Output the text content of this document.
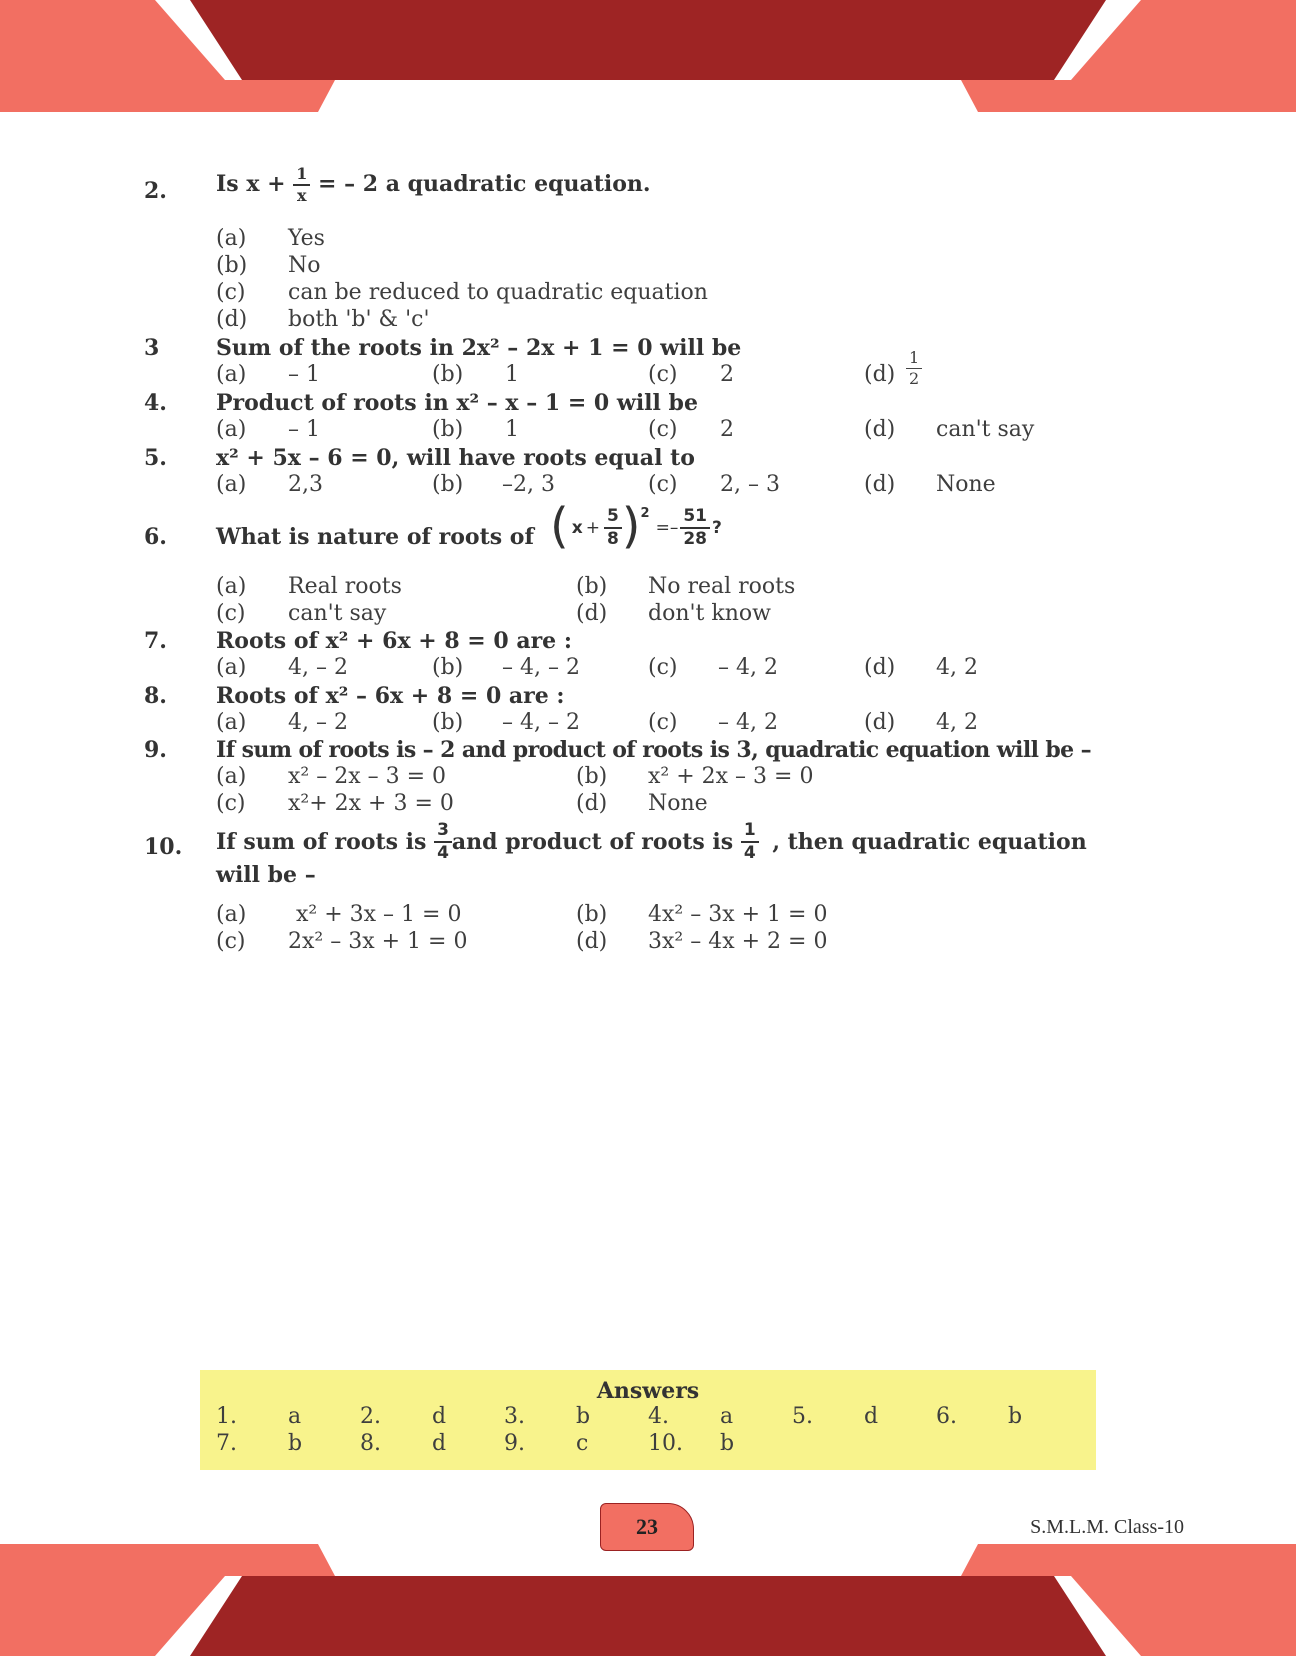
2. Is $x + \frac{1}{x}$ = – 2 a quadratic equation.
(a) Yes
(b) No
(c) can be reduced to quadratic equation
(d) both 'b' & 'c'
3	Sum of the roots in 2x² – 2x + 1 = 0 will be
(a) – 1	(b) 1	(c) 2	$(d) \frac{1}{2}$
4. Product of roots in x² – x – 1 = 0 will be
(a) – 1	(b) 1	(c) 2	(d) can't say
5. x² + 5x – 6 = 0, will have roots equal to
(a) 2,3	(b) –2, 3	(c) 2, – 3	(d) None
6. What is nature of roots of ( $x + \frac{5}{8}$ ) 2
=– $\frac{51}{28}$ ?
(a) Real roots	(b) No real roots
(c) can't say	(d) don't know
7. Roots of x² + 6x + 8 = 0 are :
(a) 4, – 2	(b) – 4, – 2	(c) – 4, 2	(d) 4, 2
8. Roots of x² – 6x + 8 = 0 are :
(a) 4, – 2	(b) – 4, – 2	(c) – 4, 2	(d) 4, 2
9. If sum of roots is – 2 and product of roots is 3, quadratic equation will be –
(a) x² – 2x – 3 = 0	(b) x² + 2x – 3 = 0
(c) x²+ 2x + 3 = 0	(d) None
10. If sum of roots is $\frac{3}{4}$ and product of roots is $\frac{1}{4}$ , then quadratic equation
will be –
(a) x² + 3x – 1 = 0	(b) 4x² – 3x + 1 = 0
(c) 2x² – 3x + 1 = 0	(d) 3x² – 4x + 2 = 0
Answers
1. a	2. d	3. b	4. a	5. d	6. b
7. b	8. d	9. c	10. b
23	S.M.L.M. Class-10
